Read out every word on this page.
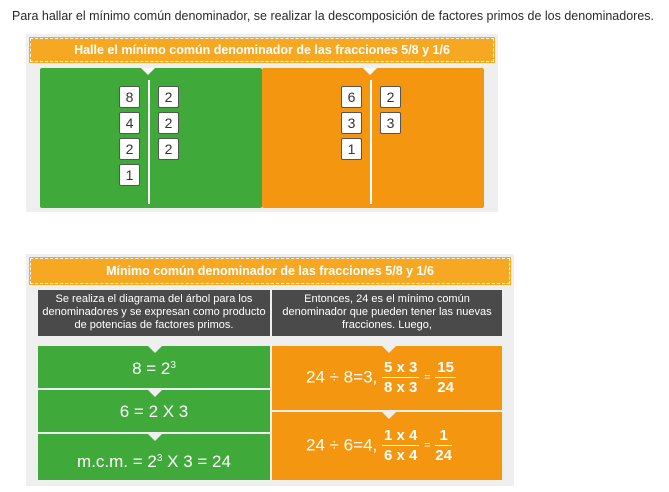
Para hallar el mínimo común denominador, se realizar la descomposición de factores primos de los denominadores.
Halle el mínimo común denominador de las fracciones 5/8 y 1/6
8	2
4	2
2	2
1
6	2
3	3
1
Mínimo común denominador de las fracciones 5/8 y 1/6
Se realiza el diagrama del árbol para los denominadores y se expresan como producto de potencias de factores primos.
Entonces, 24 es el mínimo común denominador que pueden tener las nuevas fracciones. Luego,
$8 = 2^3$
6 = 2 X 3
m.c.m. = $2^3$ X 3 = 24
24 ÷ 8=3, $\frac{5 x 3}{8 x 3} = \frac{15}{24}$
24 ÷ 6=4, $\frac{1 x 4}{6 x 4} = \frac{1}{24}$
